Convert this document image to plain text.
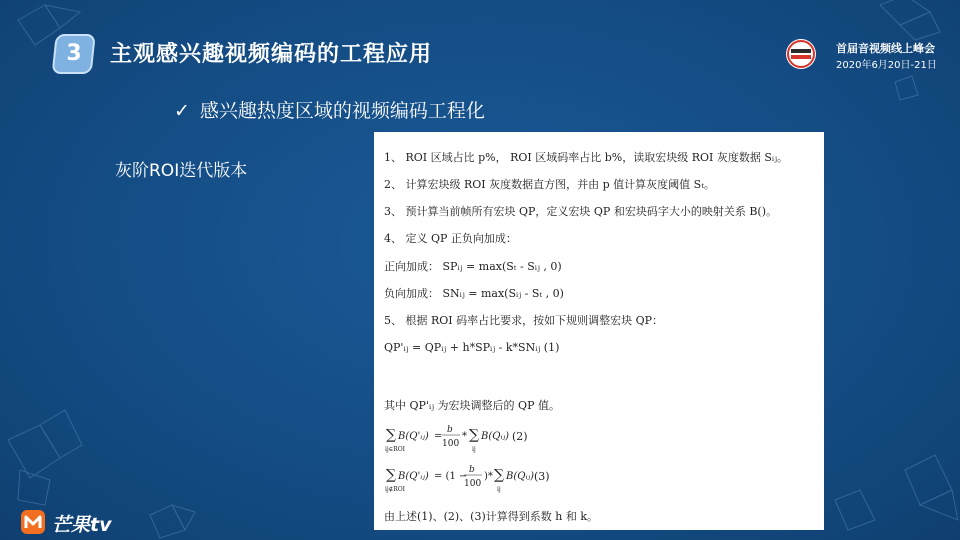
3	主观感兴趣视频编码的工程应用	首届音视频线上峰会
2020年6月20日-21日
✓ 感兴趣热度区域的视频编码工程化
灰阶ROI迭代版本
1、 ROI 区域占比 p%， ROI 区域码率占比 b%，读取宏块级 ROI 灰度数据 Sᵢⱼ。
2、 计算宏块级 ROI 灰度数据直方图，并由 p 值计算灰度阈值 Sₜ。
3、 预计算当前帧所有宏块 QP，定义宏块 QP 和宏块码字大小的映射关系 B()。
4、 定义 QP 正负向加成：
正向加成： SPᵢⱼ = max(Sₜ - Sᵢⱼ , 0)
负向加成： SNᵢⱼ = max(Sᵢⱼ - Sₜ , 0)
5、 根据 ROI 码率占比要求，按如下规则调整宏块 QP：
QP'ᵢⱼ = QPᵢⱼ + h*SPᵢⱼ - k*SNᵢⱼ (1)
其中 QP'ᵢⱼ 为宏块调整后的 QP 值。
∑
ij∈ROI
B(Q'ᵢⱼ) =
b
100
* ∑
ij
B(Qᵢⱼ) (2)
∑
ij∉ROI
B(Q'ᵢⱼ) = (1 −
b
100
)* ∑
ij
B(Qᵢⱼ) (3)
由上述(1)、(2)、(3)计算得到系数 h 和 k。
芒果tv
